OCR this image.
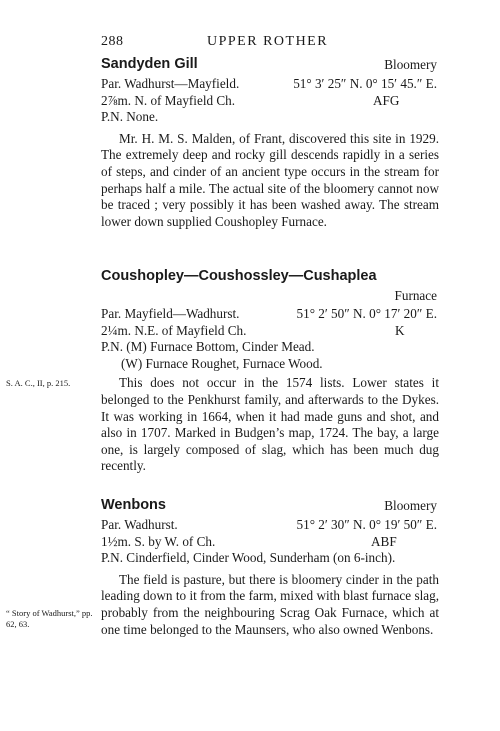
288	UPPER ROTHER
Sandyden Gill	Bloomery
Par. Wadhurst—Mayfield.	51° 3′ 25″ N. 0° 15′ 45.″ E.
2⅞m. N. of Mayfield Ch.	AFG
P.N. None.

Mr. H. M. S. Malden, of Frant, discovered this site in 1929. The extremely deep and rocky gill descends rapidly in a series of steps, and cinder of an ancient type occurs in the stream for perhaps half a mile. The actual site of the bloomery cannot now be traced ; very possibly it has been washed away. The stream lower down supplied Coushopley Furnace.

Coushopley—Coushossley—Cushaplea
Furnace
Par. Mayfield—Wadhurst.	51° 2′ 50″ N. 0° 17′ 20″ E.
2¼m. N.E. of Mayfield Ch.	K
P.N. (M) Furnace Bottom, Cinder Mead.
(W) Furnace Roughet, Furnace Wood.

This does not occur in the 1574 lists. Lower states it belonged to the Penkhurst family, and afterwards to the Dykes. It was working in 1664, when it had made guns and shot, and also in 1707. Marked in Budgen’s map, 1724. The bay, a large one, is largely composed of slag, which has been much dug recently.

Wenbons	Bloomery
Par. Wadhurst.	51° 2′ 30″ N. 0° 19′ 50″ E.
1½m. S. by W. of Ch.	ABF
P.N. Cinderfield, Cinder Wood, Sunderham (on 6-inch).

The field is pasture, but there is bloomery cinder in the path leading down to it from the farm, mixed with blast furnace slag, probably from the neighbouring Scrag Oak Furnace, which at one time belonged to the Maunsers, who also owned Wenbons.

S. A. C., II, p. 215.
“ Story of Wadhurst,” pp. 62, 63.
